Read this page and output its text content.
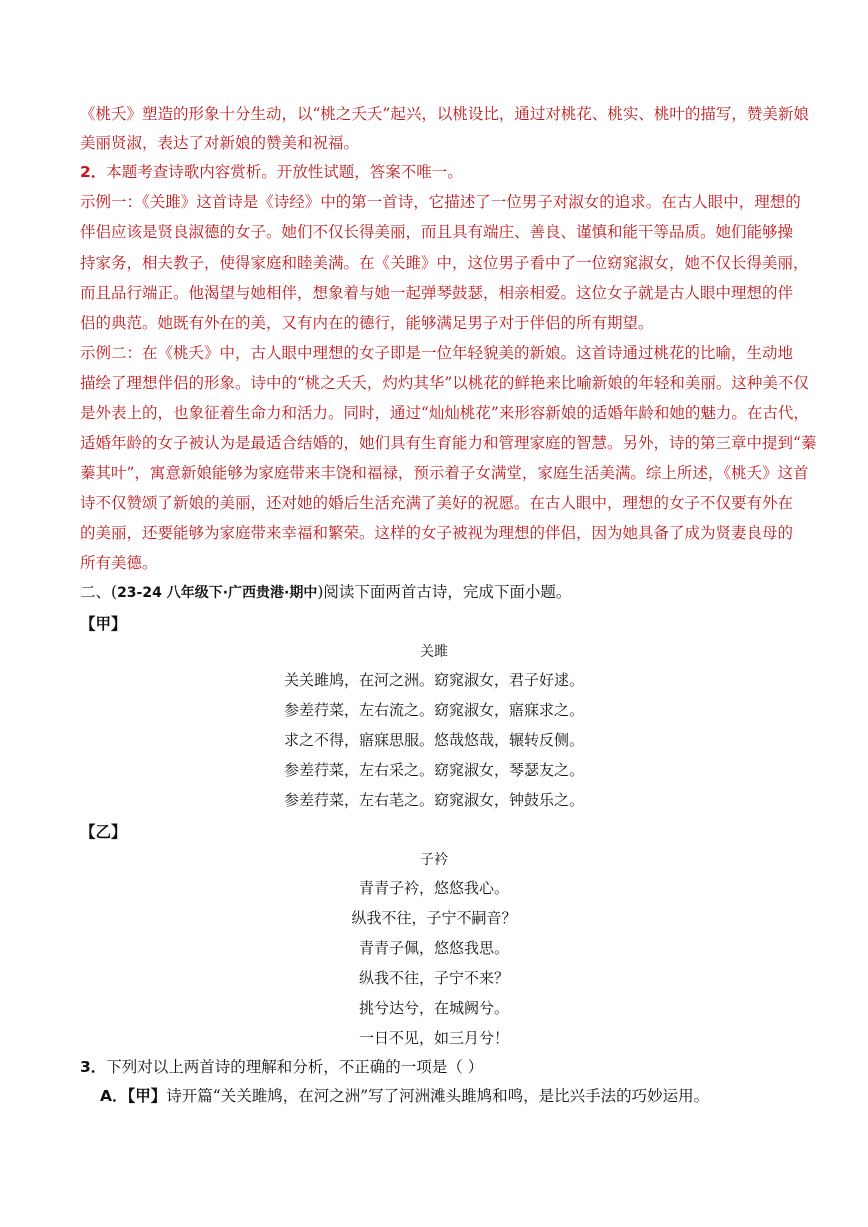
《桃夭》塑造的形象十分生动，以“桃之夭夭”起兴，以桃设比，通过对桃花、桃实、桃叶的描写，赞美新娘
美丽贤淑，表达了对新娘的赞美和祝福。
2．本题考查诗歌内容赏析。开放性试题，答案不唯一。
示例一：《关雎》这首诗是《诗经》中的第一首诗，它描述了一位男子对淑女的追求。在古人眼中，理想的
伴侣应该是贤良淑德的女子。她们不仅长得美丽，而且具有端庄、善良、谨慎和能干等品质。她们能够操
持家务，相夫教子，使得家庭和睦美满。在《关雎》中，这位男子看中了一位窈窕淑女，她不仅长得美丽，
而且品行端正。他渴望与她相伴，想象着与她一起弹琴鼓瑟，相亲相爱。这位女子就是古人眼中理想的伴
侣的典范。她既有外在的美，又有内在的德行，能够满足男子对于伴侣的所有期望。
示例二：在《桃夭》中，古人眼中理想的女子即是一位年轻貌美的新娘。这首诗通过桃花的比喻，生动地
描绘了理想伴侣的形象。诗中的“桃之夭夭，灼灼其华”以桃花的鲜艳来比喻新娘的年轻和美丽。这种美不仅
是外表上的，也象征着生命力和活力。同时，通过“灿灿桃花”来形容新娘的适婚年龄和她的魅力。在古代，
适婚年龄的女子被认为是最适合结婚的，她们具有生育能力和管理家庭的智慧。另外，诗的第三章中提到“蓁
蓁其叶”，寓意新娘能够为家庭带来丰饶和福禄，预示着子女满堂，家庭生活美满。综上所述，《桃夭》这首
诗不仅赞颂了新娘的美丽，还对她的婚后生活充满了美好的祝愿。在古人眼中，理想的女子不仅要有外在
的美丽，还要能够为家庭带来幸福和繁荣。这样的女子被视为理想的伴侣，因为她具备了成为贤妻良母的
所有美德。
二、(23-24 八年级下·广西贵港·期中)阅读下面两首古诗，完成下面小题。
【甲】
关雎
关关雎鸠，在河之洲。窈窕淑女，君子好逑。
参差荇菜，左右流之。窈窕淑女，寤寐求之。
求之不得，寤寐思服。悠哉悠哉，辗转反侧。
参差荇菜，左右采之。窈窕淑女，琴瑟友之。
参差荇菜，左右芼之。窈窕淑女，钟鼓乐之。
【乙】
子衿
青青子衿，悠悠我心。
纵我不往，子宁不嗣音？
青青子佩，悠悠我思。
纵我不往，子宁不来？
挑兮达兮，在城阙兮。
一日不见，如三月兮！
3．下列对以上两首诗的理解和分析，不正确的一项是（ ）
A．【甲】诗开篇“关关雎鸠，在河之洲”写了河洲滩头雎鸠和鸣，是比兴手法的巧妙运用。
